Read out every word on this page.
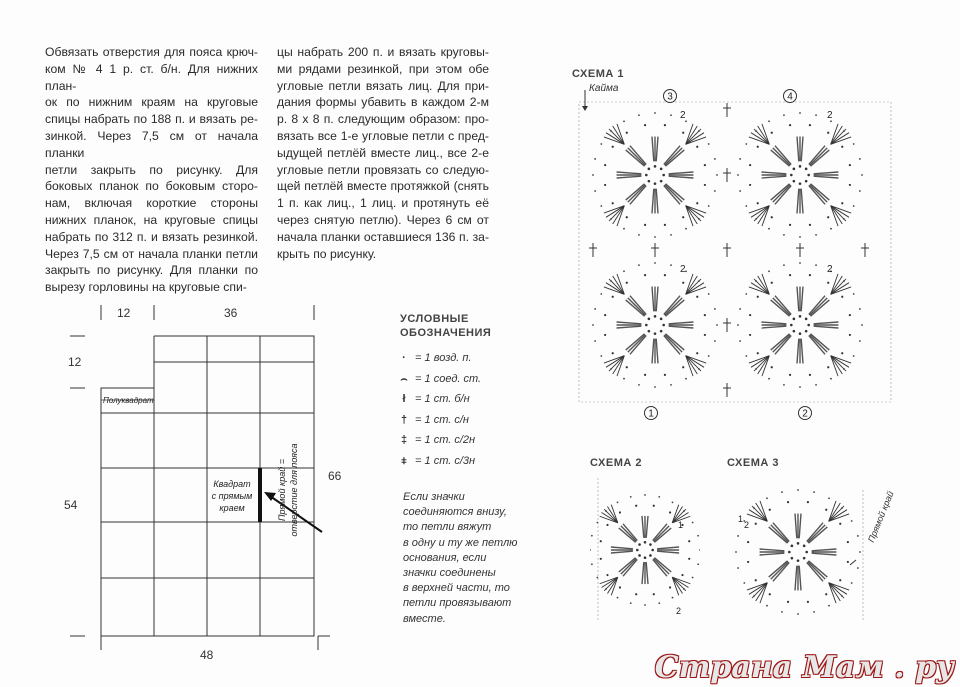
Обвязать отверстия для пояса крюч-
ком № 4 1 р. ст. б/н. Для нижних план-
ок по нижним краям на круговые
спицы набрать по 188 п. и вязать ре-
зинкой. Через 7,5 см от начала планки
петли закрыть по рисунку. Для
боковых планок по боковым сторо-
нам, включая короткие стороны
нижних планок, на круговые спицы
набрать по 312 п. и вязать резинкой.
Через 7,5 см от начала планки петли
закрыть по рисунку. Для планки по
вырезу горловины на круговые спи-
цы набрать 200 п. и вязать круговы-
ми рядами резинкой, при этом обе
угловые петли вязать лиц. Для при-
дания формы убавить в каждом 2-м
р. 8 х 8 п. следующим образом: про-
вязать все 1-е угловые петли с пред-
ыдущей петлёй вместе лиц., все 2-е
угловые петли провязать со следую-
щей петлёй вместе протяжкой (снять
1 п. как лиц., 1 лиц. и протянуть её
через снятую петлю). Через 6 см от
начала планки оставшиеся 136 п. за-
крыть по рисунку.
12	36
12
54
66
48
Полуквадрат
Квадрат
с прямым
краем	Прямой край = отверстие для пояса
УСЛОВНЫЕ
ОБОЗНАЧЕНИЯ
· = 1 возд. п.
⌢ = 1 соед. ст.
ł = 1 ст. б/н
† = 1 ст. с/н
‡ = 1 ст. с/2н
⧧ = 1 ст. с/3н
Если значки
соединяются внизу,
то петли вяжут
в одну и ту же петлю
основания, если
значки соединены
в верхней части, то
петли провязывают
вместе.
СХЕМА 1
Кайма
3	4
1	2
2	2
2	2
СХЕМА 2
1
2
СХЕМА 3
Прямой край
1
2
Страна Мам . ру
